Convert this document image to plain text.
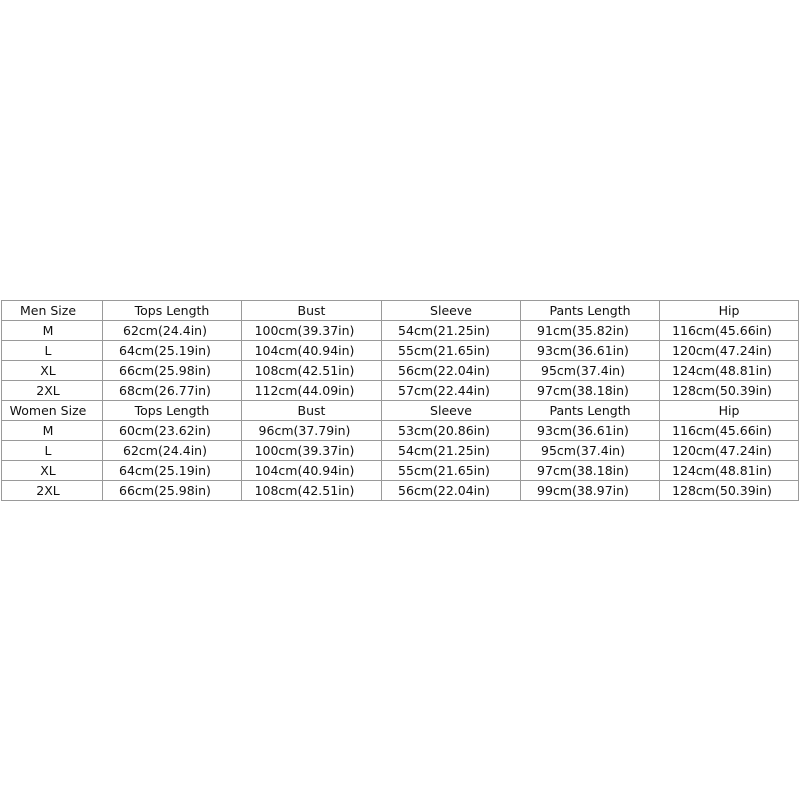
Men Size	Tops Length	Bust	Sleeve	Pants Length	Hip
M	62cm(24.4in)	100cm(39.37in)	54cm(21.25in)	91cm(35.82in)	116cm(45.66in)
L	64cm(25.19in)	104cm(40.94in)	55cm(21.65in)	93cm(36.61in)	120cm(47.24in)
XL	66cm(25.98in)	108cm(42.51in)	56cm(22.04in)	95cm(37.4in)	124cm(48.81in)
2XL	68cm(26.77in)	112cm(44.09in)	57cm(22.44in)	97cm(38.18in)	128cm(50.39in)
Women Size	Tops Length	Bust	Sleeve	Pants Length	Hip
M	60cm(23.62in)	96cm(37.79in)	53cm(20.86in)	93cm(36.61in)	116cm(45.66in)
L	62cm(24.4in)	100cm(39.37in)	54cm(21.25in)	95cm(37.4in)	120cm(47.24in)
XL	64cm(25.19in)	104cm(40.94in)	55cm(21.65in)	97cm(38.18in)	124cm(48.81in)
2XL	66cm(25.98in)	108cm(42.51in)	56cm(22.04in)	99cm(38.97in)	128cm(50.39in)
